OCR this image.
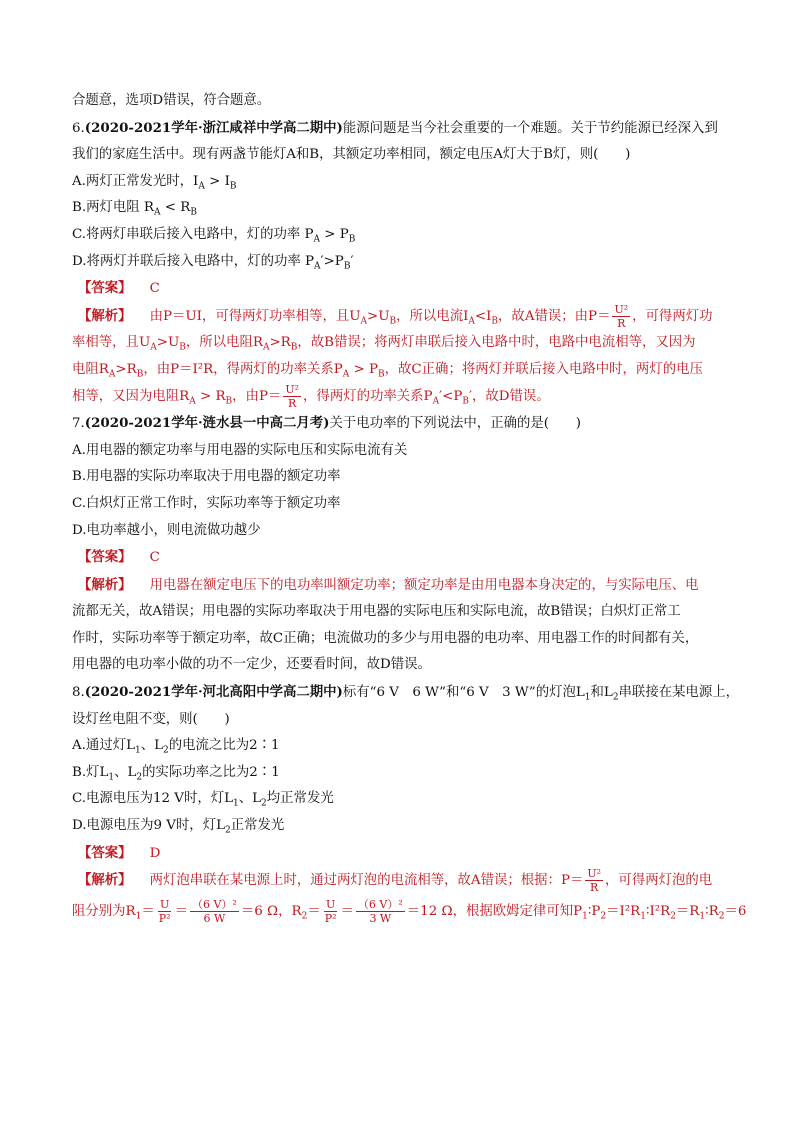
合题意，选项D错误，符合题意。
6.(2020-2021学年·浙江咸祥中学高二期中)能源问题是当今社会重要的一个难题。关于节约能源已经深入到
我们的家庭生活中。现有两盏节能灯A和B，其额定功率相同，额定电压A灯大于B灯，则(　　)
A.两灯正常发光时，$I_A > I_B$
B.两灯电阻 $R_A < R_B$
C.将两灯串联后接入电路中，灯的功率 $P_A > P_B$
D.将两灯并联后接入电路中，灯的功率 $P_A'>P_B'$
【答案】 C
【解析】 由P＝UI，可得两灯功率相等，且$U_A>U_B$，所以电流$I_A<I_B$，故A错误；由$P= \frac{\text{U²}}{R}$ ，可得两灯功
率相等，且$U_A>U_B$，所以电阻$R_A>R_B$，故B错误；将两灯串联后接入电路中时，电路中电流相等，又因为
电阻$R_A>R_B$，由P＝I²R，得两灯的功率关系$P_A > P_B$，故C正确；将两灯并联后接入电路中时，两灯的电压
相等，又因为电阻$R_A > R_B$，由$P= \frac{\text{U²}}{R}$ ，得两灯的功率关系$P_A'<P_B'$，故D错误。
7.(2020-2021学年·涟水县一中高二月考)关于电功率的下列说法中，正确的是(　　)
A.用电器的额定功率与用电器的实际电压和实际电流有关
B.用电器的实际功率取决于用电器的额定功率
C.白炽灯正常工作时，实际功率等于额定功率
D.电功率越小，则电流做功越少
【答案】 C
【解析】 用电器在额定电压下的电功率叫额定功率；额定功率是由用电器本身决定的，与实际电压、电
流都无关，故A错误；用电器的实际功率取决于用电器的实际电压和实际电流，故B错误；白炽灯正常工
作时，实际功率等于额定功率，故C正确；电流做功的多少与用电器的电功率、用电器工作的时间都有关，
用电器的电功率小做的功不一定少，还要看时间，故D错误。
8.(2020-2021学年·河北高阳中学高二期中)标有“6 V　6 W”和“6 V　3 W”的灯泡$L_1$和$L_2$串联接在某电源上，
设灯丝电阻不变，则(　　)
A.通过灯$L_1$、$L_2$的电流之比为2∶1
B.灯$L_1$、$L_2$的实际功率之比为2∶1
C.电源电压为12 V时，灯$L_1$、$L_2$均正常发光
D.电源电压为9 V时，灯$L_2$正常发光
【答案】 D
【解析】 两灯泡串联在某电源上时，通过两灯泡的电流相等，故A错误；根据：$P= \frac{\text{U²}}{R}$ ，可得两灯泡的电
阻分别为$R_1= \frac{U}{\text{P²}} = \frac{\text{（6 V）²}}{6 W} =6$ Ω，$R_2= \frac{U}{\text{P²}} = \frac{\text{（6 V）²}}{3 W} =12$ Ω，根据欧姆定律可知$P_1∶P_2=I^2R_1∶I^2R_2=R_1∶R_2=6$
